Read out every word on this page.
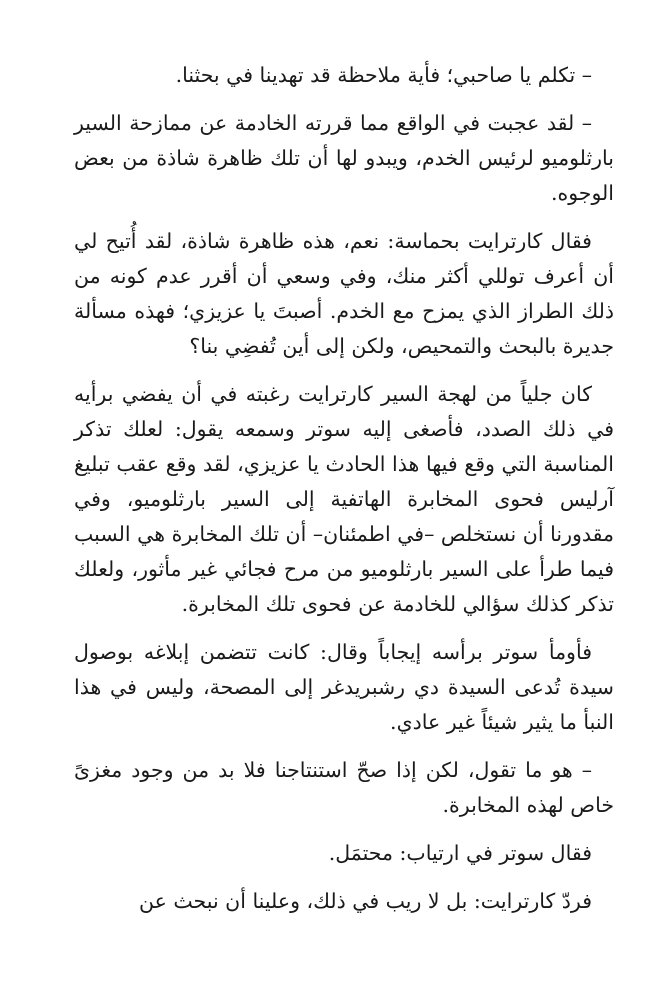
– تكلم يا صاحبي؛ فأية ملاحظة قد تهدينا في بحثنا.

– لقد عجبت في الواقع مما قررته الخادمة عن ممازحة السير بارثلوميو لرئيس الخدم، ويبدو لها أن تلك ظاهرة شاذة من بعض الوجوه.

فقال كارترايت بحماسة: نعم، هذه ظاهرة شاذة، لقد أُتيح لي أن أعرف توللي أكثر منك، وفي وسعي أن أقرر عدم كونه من ذلك الطراز الذي يمزح مع الخدم. أصبتَ يا عزيزي؛ فهذه مسألة جديرة بالبحث والتمحيص، ولكن إلى أين تُفضِي بنا؟

كان جلياً من لهجة السير كارترايت رغبته في أن يفضي برأيه في ذلك الصدد، فأصغى إليه سوتر وسمعه يقول: لعلك تذكر المناسبة التي وقع فيها هذا الحادث يا عزيزي، لقد وقع عقب تبليغ آرليس فحوى المخابرة الهاتفية إلى السير بارثلوميو، وفي مقدورنا أن نستخلص –في اطمئنان– أن تلك المخابرة هي السبب فيما طرأ على السير بارثلوميو من مرح فجائي غير مأثور، ولعلك تذكر كذلك سؤالي للخادمة عن فحوى تلك المخابرة.

فأومأ سوتر برأسه إيجاباً وقال: كانت تتضمن إبلاغه بوصول سيدة تُدعى السيدة دي رشبريدغر إلى المصحة، وليس في هذا النبأ ما يثير شيئاً غير عادي.

– هو ما تقول، لكن إذا صحّ استنتاجنا فلا بد من وجود مغزىً خاص لهذه المخابرة.

فقال سوتر في ارتياب: محتمَل.

فردّ كارترايت: بل لا ريب في ذلك، وعلينا أن نبحث عن
